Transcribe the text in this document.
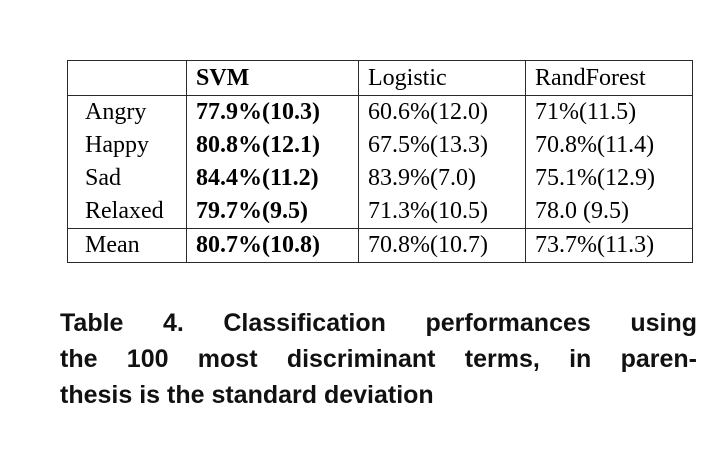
	SVM	Logistic	RandForest
Angry	77.9%(10.3)	60.6%(12.0)	71%(11.5)
Happy	80.8%(12.1)	67.5%(13.3)	70.8%(11.4)
Sad	84.4%(11.2)	83.9%(7.0)	75.1%(12.9)
Relaxed	79.7%(9.5)	71.3%(10.5)	78.0 (9.5)
Mean	80.7%(10.8)	70.8%(10.7)	73.7%(11.3)
Table 4. Classification performances using
the 100 most discriminant terms, in paren-
thesis is the standard deviation
